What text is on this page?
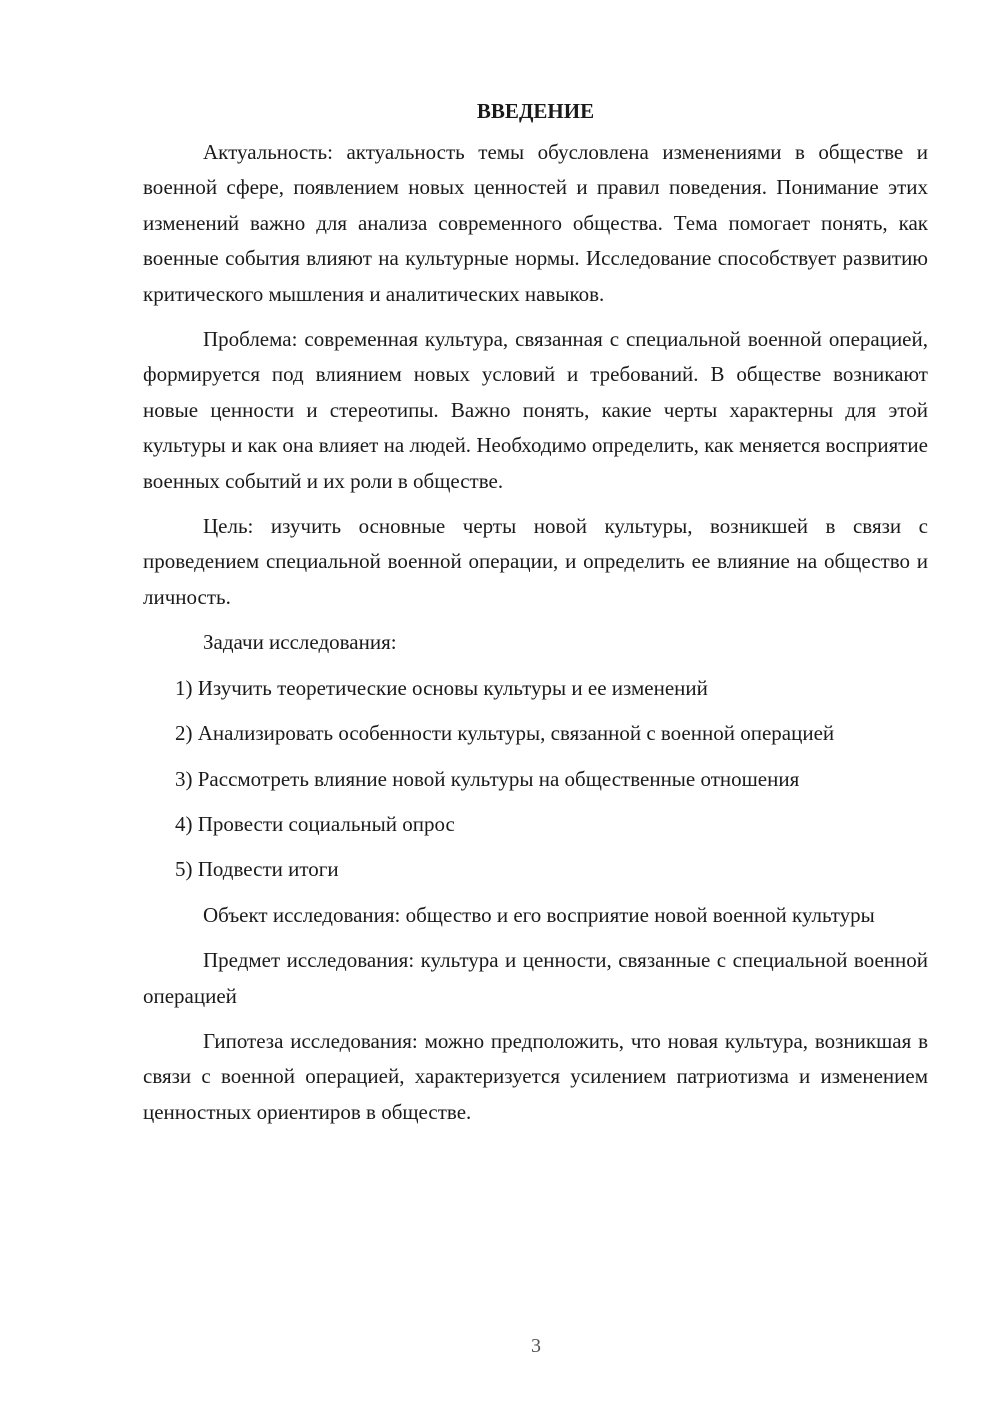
ВВЕДЕНИЕ

Актуальность: актуальность темы обусловлена изменениями в обществе и военной сфере, появлением новых ценностей и правил поведения. Понимание этих изменений важно для анализа современного общества. Тема помогает понять, как военные события влияют на культурные нормы. Исследование способствует развитию критического мышления и аналитических навыков.

Проблема: современная культура, связанная с специальной военной операцией, формируется под влиянием новых условий и требований. В обществе возникают новые ценности и стереотипы. Важно понять, какие черты характерны для этой культуры и как она влияет на людей. Необходимо определить, как меняется восприятие военных событий и их роли в обществе.

Цель: изучить основные черты новой культуры, возникшей в связи с проведением специальной военной операции, и определить ее влияние на общество и личность.

Задачи исследования:

1) Изучить теоретические основы культуры и ее изменений

2) Анализировать особенности культуры, связанной с военной операцией

3) Рассмотреть влияние новой культуры на общественные отношения

4) Провести социальный опрос

5) Подвести итоги

Объект исследования: общество и его восприятие новой военной культуры

Предмет исследования: культура и ценности, связанные с специальной военной операцией

Гипотеза исследования: можно предположить, что новая культура, возникшая в связи с военной операцией, характеризуется усилением патриотизма и изменением ценностных ориентиров в обществе.

3
